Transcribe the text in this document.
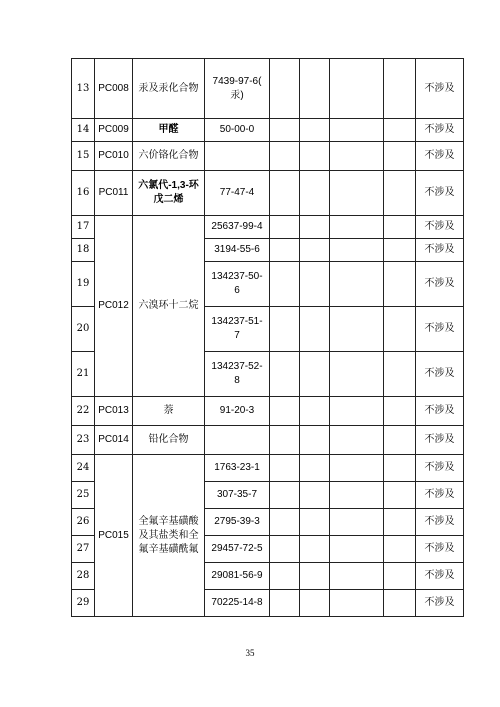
13	PC008	汞及汞化合物	7439-97-6(
汞)					不涉及
14	PC009	甲醛	50-00-0					不涉及
15	PC010	六价铬化合物						不涉及
16	PC011	六氯代-1,3-环
戊二烯	77-47-4					不涉及
17	PC012	六溴环十二烷	25637-99-4					不涉及
18			3194-55-6					不涉及
19			134237-50-
6					不涉及
20			134237-51-
7					不涉及
21			134237-52-
8					不涉及
22	PC013	萘	91-20-3					不涉及
23	PC014	铅化合物						不涉及
24	PC015	全氟辛基磺酸
及其盐类和全
氟辛基磺酰氟	1763-23-1					不涉及
25			307-35-7					不涉及
26			2795-39-3					不涉及
27			29457-72-5					不涉及
28			29081-56-9					不涉及
29			70225-14-8					不涉及
35
